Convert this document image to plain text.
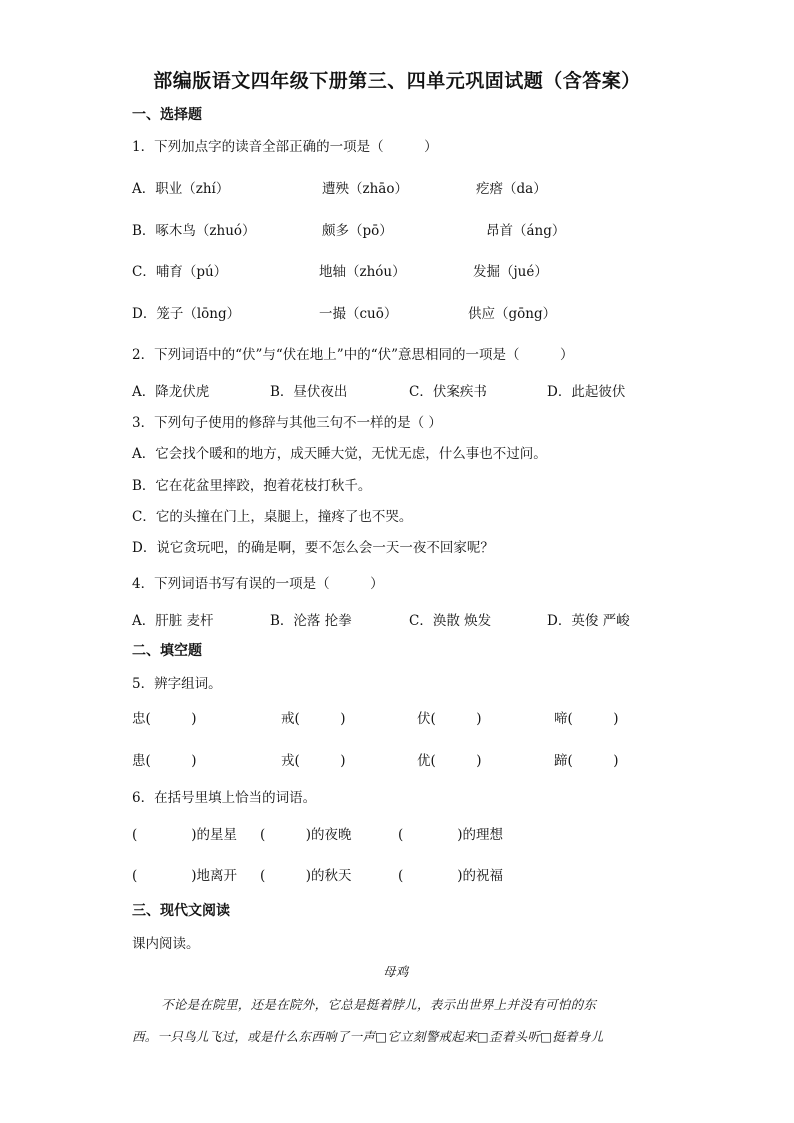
部编版语文四年级下册第三、四单元巩固试题（含答案）
一、选择题
1．下列加点字的读音全部正确的一项是（　　　）
A．职业（zhí）	遭殃（zhāo）	疙瘩（da）
B．啄木鸟（zhuó）	颇多（pō）	昂首（áng）
C．哺育（pú）	地轴（zhóu）	发掘（jué）
D．笼子（lōng）	一撮（cuō）	供应（gōng）
2．下列词语中的“伏”与“伏在地上”中的“伏”意思相同的一项是（　　　）
A．降龙伏虎	B．昼伏夜出	C．伏案疾书	D．此起彼伏
3．下列句子使用的修辞与其他三句不一样的是（ ）
A．它会找个暖和的地方，成天睡大觉，无忧无虑，什么事也不过问。
B．它在花盆里摔跤，抱着花枝打秋千。
C．它的头撞在门上，桌腿上，撞疼了也不哭。
D．说它贪玩吧，的确是啊，要不怎么会一天一夜不回家呢？
4．下列词语书写有误的一项是（　　　）
A．肝脏 麦杆	B．沦落 抡拳	C．涣散 焕发	D．英俊 严峻
二、填空题
5．辨字组词。
忠(　　　)	戒(　　　)	伏(　　　)	啼(　　　)
患(　　　)	戎(　　　)	优(　　　)	蹄(　　　)
6．在括号里填上恰当的词语。
(　　　　)的星星 (　　　)的夜晚	(　　　　)的理想
(　　　　)地离开 (　　　)的秋天	(　　　　)的祝福
三、现代文阅读
课内阅读。
母鸡
不论是在院里，还是在院外，它总是挺着脖儿，表示出世界上并没有可怕的东
西。一只鸟儿飞过，或是什么东西响了一声□它立刻警戒起来□歪着头听□挺着身儿
